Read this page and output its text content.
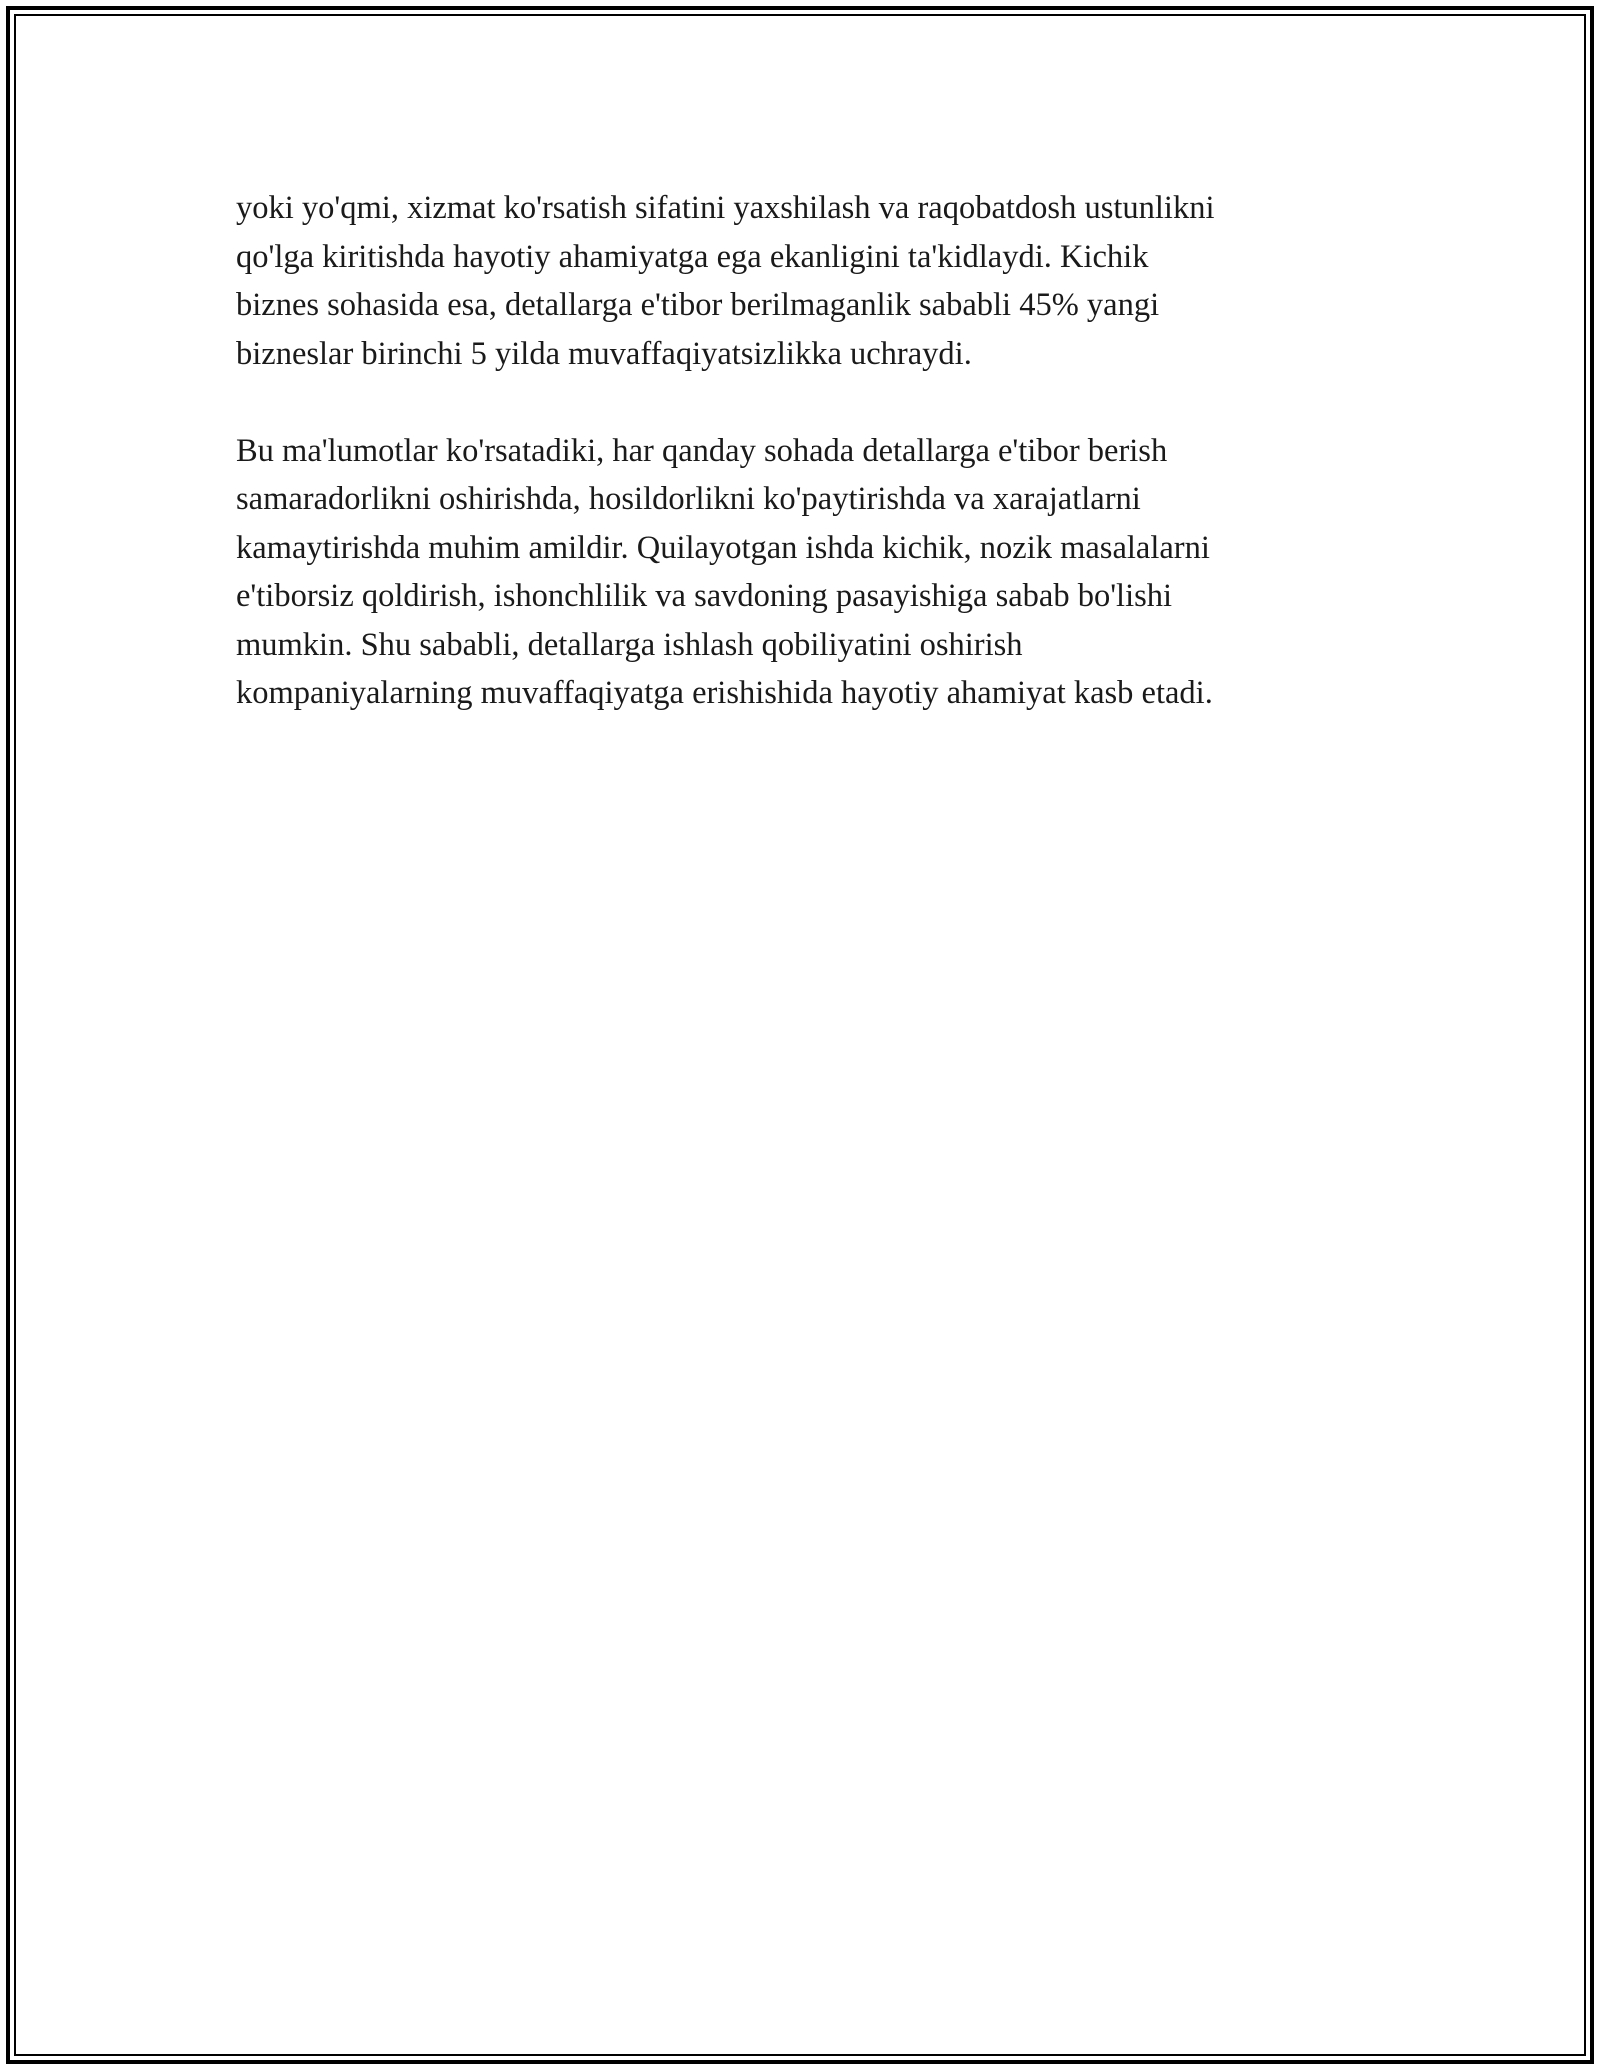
yoki yo'qmi, xizmat ko'rsatish sifatini yaxshilash va raqobatdosh ustunlikni
qo'lga kiritishda hayotiy ahamiyatga ega ekanligini ta'kidlaydi. Kichik
biznes sohasida esa, detallarga e'tibor berilmaganlik sababli 45% yangi
bizneslar birinchi 5 yilda muvaffaqiyatsizlikka uchraydi.

Bu ma'lumotlar ko'rsatadiki, har qanday sohada detallarga e'tibor berish
samaradorlikni oshirishda, hosildorlikni ko'paytirishda va xarajatlarni
kamaytirishda muhim amildir. Quilayotgan ishda kichik, nozik masalalarni
e'tiborsiz qoldirish, ishonchlilik va savdoning pasayishiga sabab bo'lishi
mumkin. Shu sababli, detallarga ishlash qobiliyatini oshirish
kompaniyalarning muvaffaqiyatga erishishida hayotiy ahamiyat kasb etadi.
